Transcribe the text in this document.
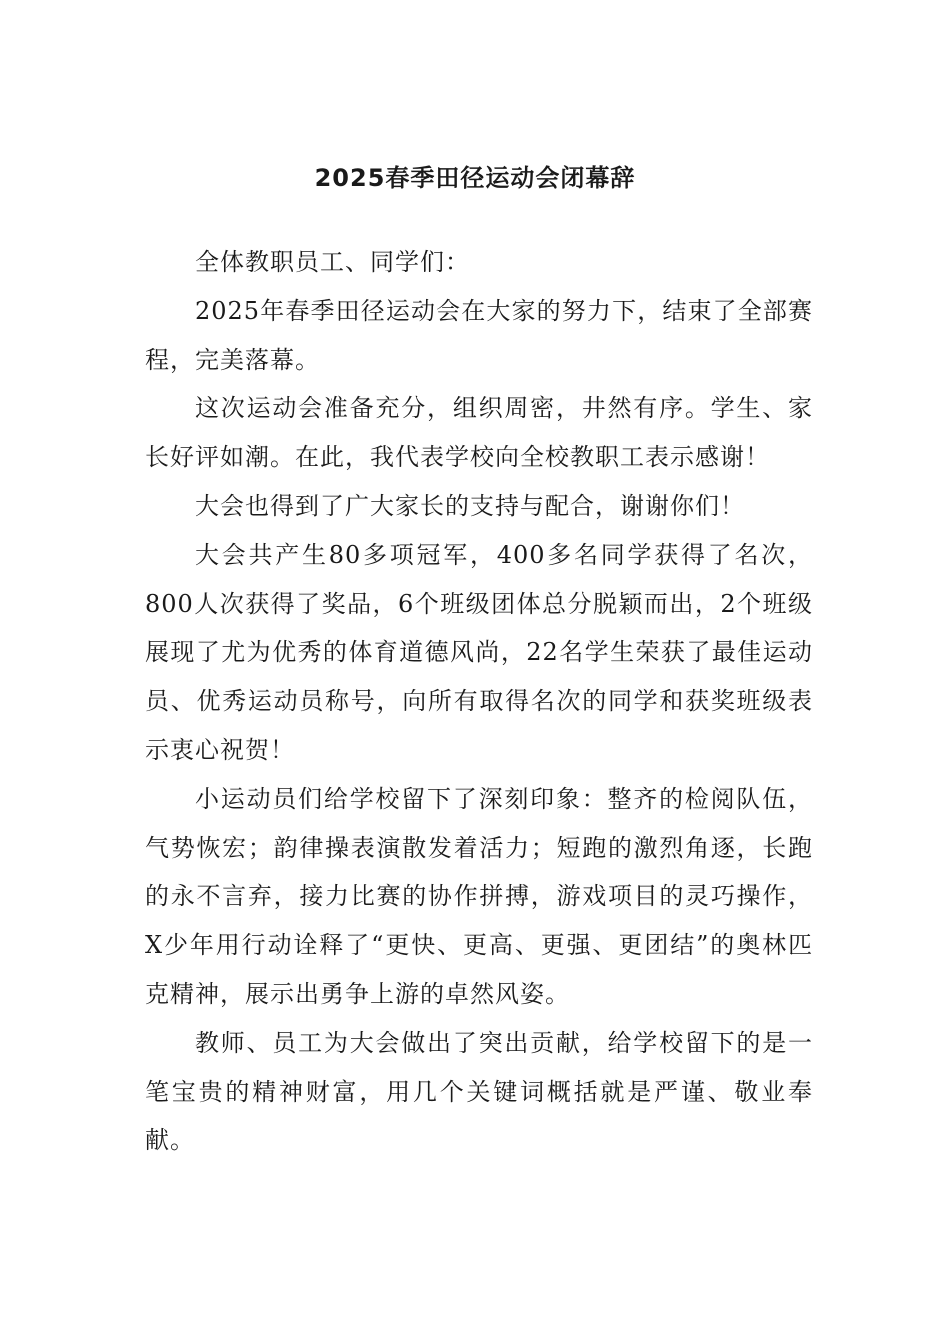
2025春季田径运动会闭幕辞

全体教职员工、同学们：

2025年春季田径运动会在大家的努力下，结束了全部赛程，完美落幕。

这次运动会准备充分，组织周密，井然有序。学生、家长好评如潮。在此，我代表学校向全校教职工表示感谢！

大会也得到了广大家长的支持与配合，谢谢你们！

大会共产生80多项冠军，400多名同学获得了名次，800人次获得了奖品，6个班级团体总分脱颖而出，2个班级展现了尤为优秀的体育道德风尚，22名学生荣获了最佳运动员、优秀运动员称号，向所有取得名次的同学和获奖班级表示衷心祝贺！

小运动员们给学校留下了深刻印象：整齐的检阅队伍，气势恢宏；韵律操表演散发着活力；短跑的激烈角逐，长跑的永不言弃，接力比赛的协作拼搏，游戏项目的灵巧操作，X少年用行动诠释了“更快、更高、更强、更团结”的奥林匹克精神，展示出勇争上游的卓然风姿。

教师、员工为大会做出了突出贡献，给学校留下的是一笔宝贵的精神财富，用几个关键词概括就是严谨、敬业奉献。
